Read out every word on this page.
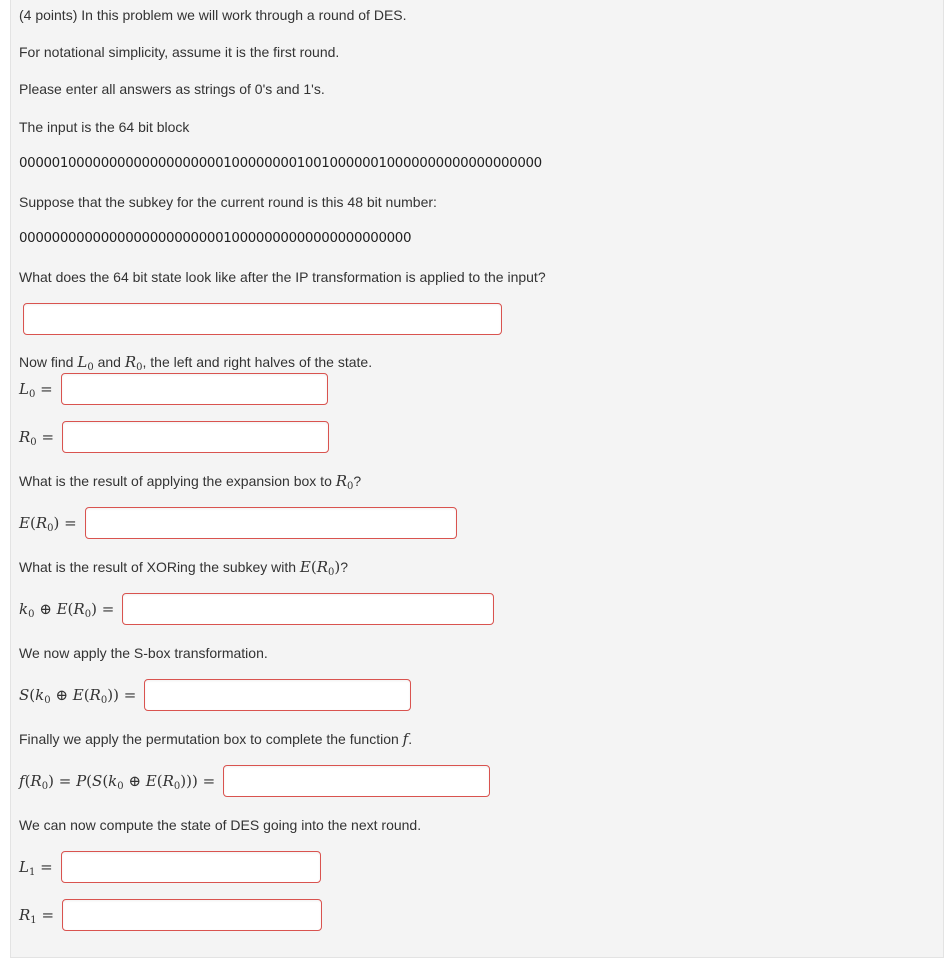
(4 points) In this problem we will work through a round of DES.
For notational simplicity, assume it is the first round.
Please enter all answers as strings of 0's and 1's.
The input is the 64 bit block
0000010000000000000000000100000000100100000010000000000000000000
Suppose that the subkey for the current round is this 48 bit number:
000000000000000000000000010000000000000000000000
What does the 64 bit state look like after the IP transformation is applied to the input?
Now find $L_0$ and $R_0$, the left and right halves of the state.
$L_0$ =
$R_0$ =
What is the result of applying the expansion box to $R_0$?
$E(R_0)$ =
What is the result of XORing the subkey with $E(R_0)$?
$k_0$ ⊕ $E(R_0)$ =
We now apply the S-box transformation.
$S(k_0$ ⊕ $E(R_0)$) =
Finally we apply the permutation box to complete the function f.
$f(R_0) = P(S(k_0$ ⊕ $E(R_0)$)) =
We can now compute the state of DES going into the next round.
$L_1$ =
$R_1$ =
